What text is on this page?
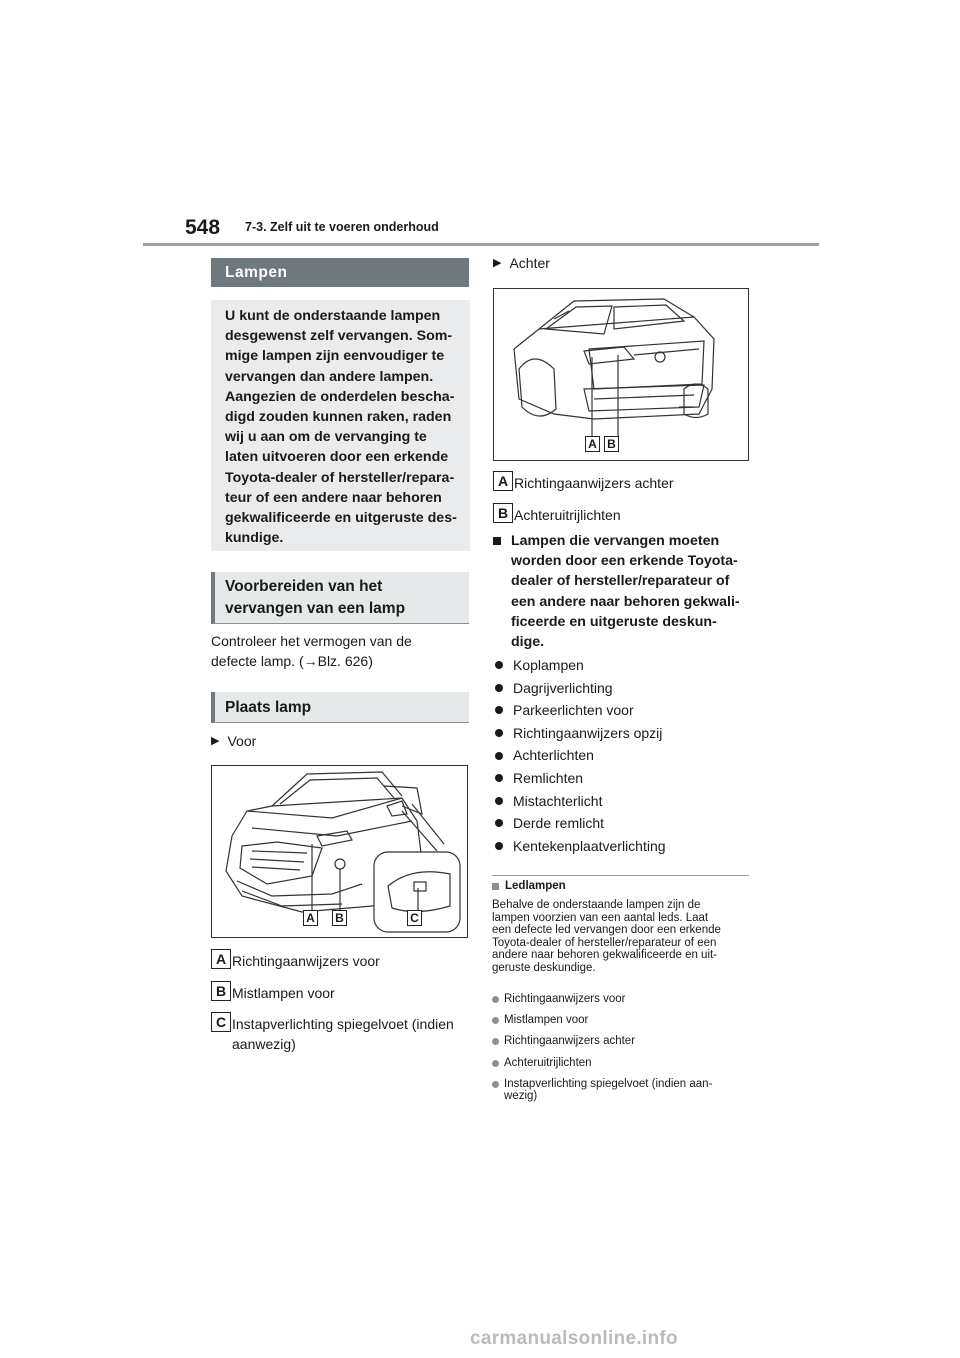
548 7-3. Zelf uit te voeren onderhoud
Lampen
U kunt de onderstaande lampen
desgewenst zelf vervangen. Som-
mige lampen zijn eenvoudiger te
vervangen dan andere lampen.
Aangezien de onderdelen bescha-
digd zouden kunnen raken, raden
wij u aan om de vervanging te
laten uitvoeren door een erkende
Toyota-dealer of hersteller/repara-
teur of een andere naar behoren
gekwalificeerde en uitgeruste des-
kundige.
Voorbereiden van het
vervangen van een lamp
Controleer het vermogen van de
defecte lamp. (→Blz. 626)
Plaats lamp
▶ Voor
A B	C
A Richtingaanwijzers voor
B Mistlampen voor
C Instapverlichting spiegelvoet (indien
aanwezig)
▶ Achter
A B
A Richtingaanwijzers achter
B Achteruitrijlichten
Lampen die vervangen moeten
worden door een erkende Toyota-
dealer of hersteller/reparateur of
een andere naar behoren gekwali-
ficeerde en uitgeruste deskun-
dige.
Koplampen
Dagrijverlichting
Parkeerlichten voor
Richtingaanwijzers opzij
Achterlichten
Remlichten
Mistachterlicht
Derde remlicht
Kentekenplaatverlichting
Ledlampen
Behalve de onderstaande lampen zijn de
lampen voorzien van een aantal leds. Laat
een defecte led vervangen door een erkende
Toyota-dealer of hersteller/reparateur of een
andere naar behoren gekwalificeerde en uit-
geruste deskundige.
Richtingaanwijzers voor
Mistlampen voor
Richtingaanwijzers achter
Achteruitrijlichten
Instapverlichting spiegelvoet (indien aan-
wezig)
carmanualsonline.info
